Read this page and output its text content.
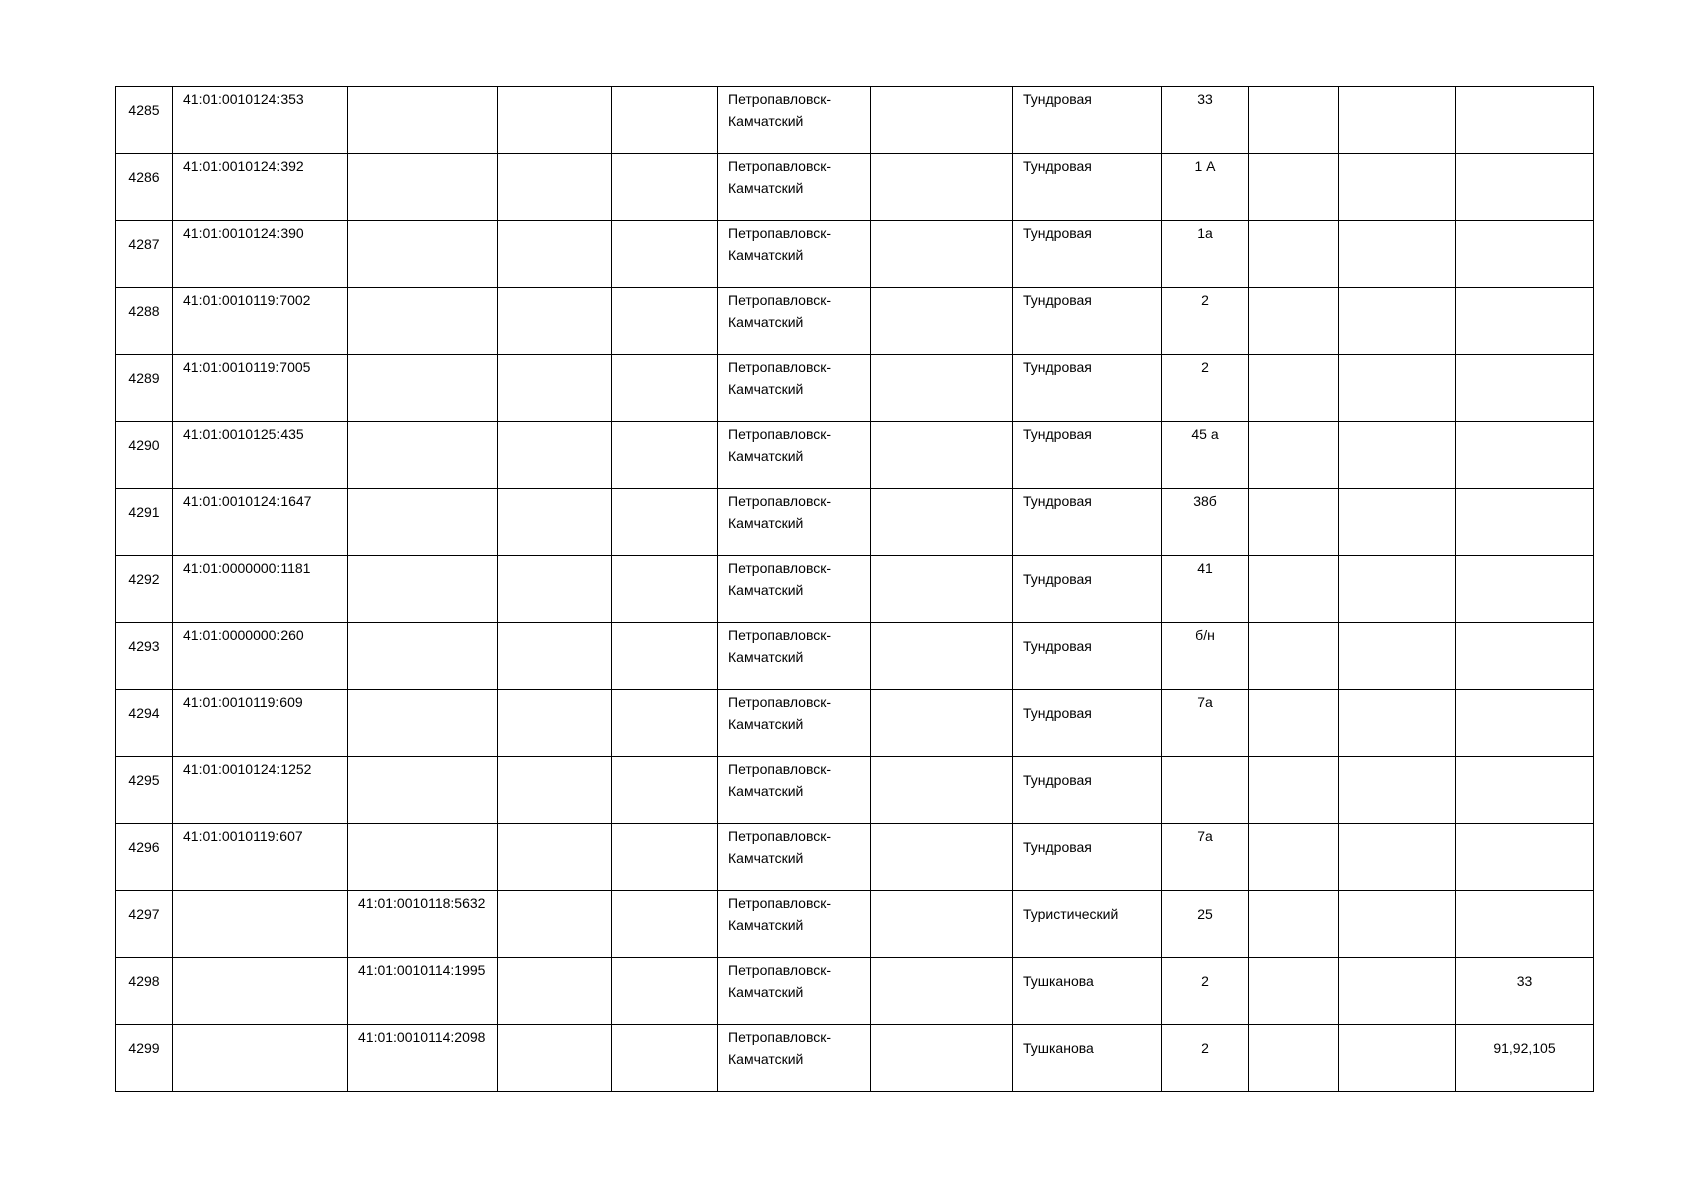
4285	41:01:0010124:353				Петропавловск-Камчатский		Тундровая	33			
4286	41:01:0010124:392				Петропавловск-Камчатский		Тундровая	1 А			
4287	41:01:0010124:390				Петропавловск-Камчатский		Тундровая	1а			
4288	41:01:0010119:7002				Петропавловск-Камчатский		Тундровая	2			
4289	41:01:0010119:7005				Петропавловск-Камчатский		Тундровая	2			
4290	41:01:0010125:435				Петропавловск-Камчатский		Тундровая	45 а			
4291	41:01:0010124:1647				Петропавловск-Камчатский		Тундровая	38б			
4292	41:01:0000000:1181				Петропавловск-Камчатский		Тундровая	41			
4293	41:01:0000000:260				Петропавловск-Камчатский		Тундровая	б/н			
4294	41:01:0010119:609				Петропавловск-Камчатский		Тундровая	7а			
4295	41:01:0010124:1252				Петропавловск-Камчатский		Тундровая				
4296	41:01:0010119:607				Петропавловск-Камчатский		Тундровая	7а			
4297		41:01:0010118:5632			Петропавловск-Камчатский		Туристический	25			
4298		41:01:0010114:1995			Петропавловск-Камчатский		Тушканова	2			33
4299		41:01:0010114:2098			Петропавловск-Камчатский		Тушканова	2			91,92,105
